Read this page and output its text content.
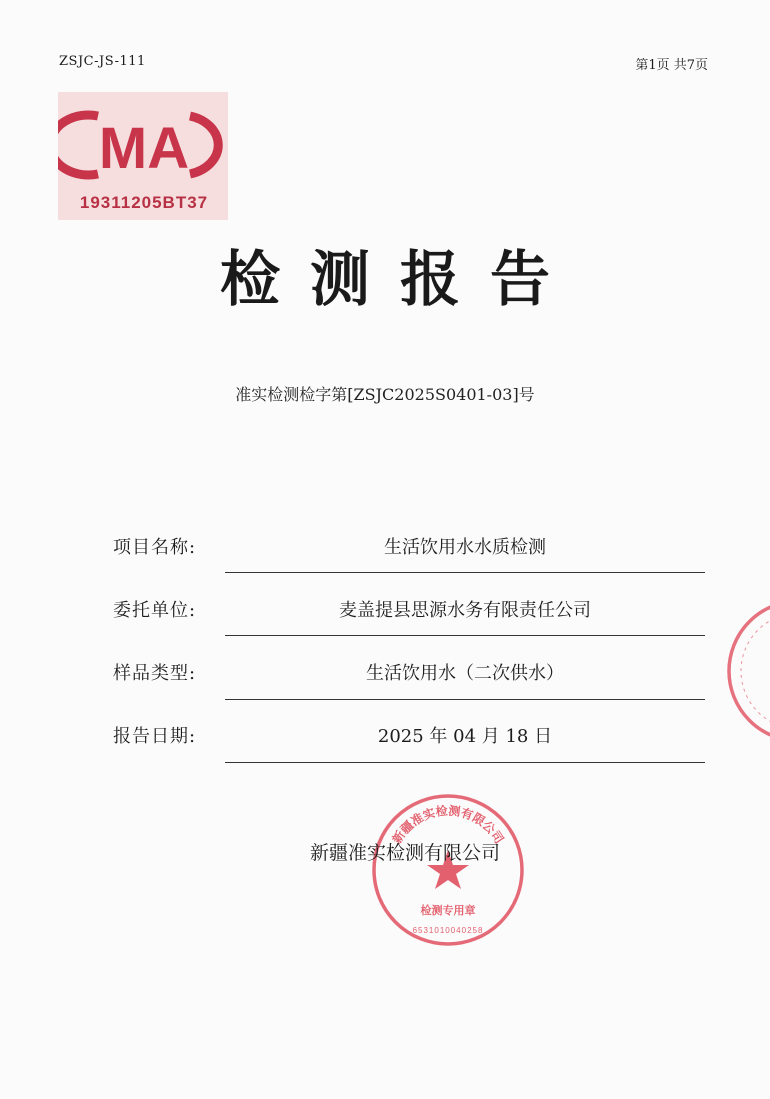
ZSJC-JS-111	第1页 共7页
MA
19311205BT37
检测报告
准实检测检字第[ZSJC2025S0401-03]号
项目名称:	生活饮用水水质检测
委托单位:	麦盖提县思源水务有限责任公司
样品类型:	生活饮用水（二次供水）
报告日期:	2025 年 04 月 18 日
新疆准实检测有限公司
检测专用章
6531010040258
新疆准实检测有限公司
